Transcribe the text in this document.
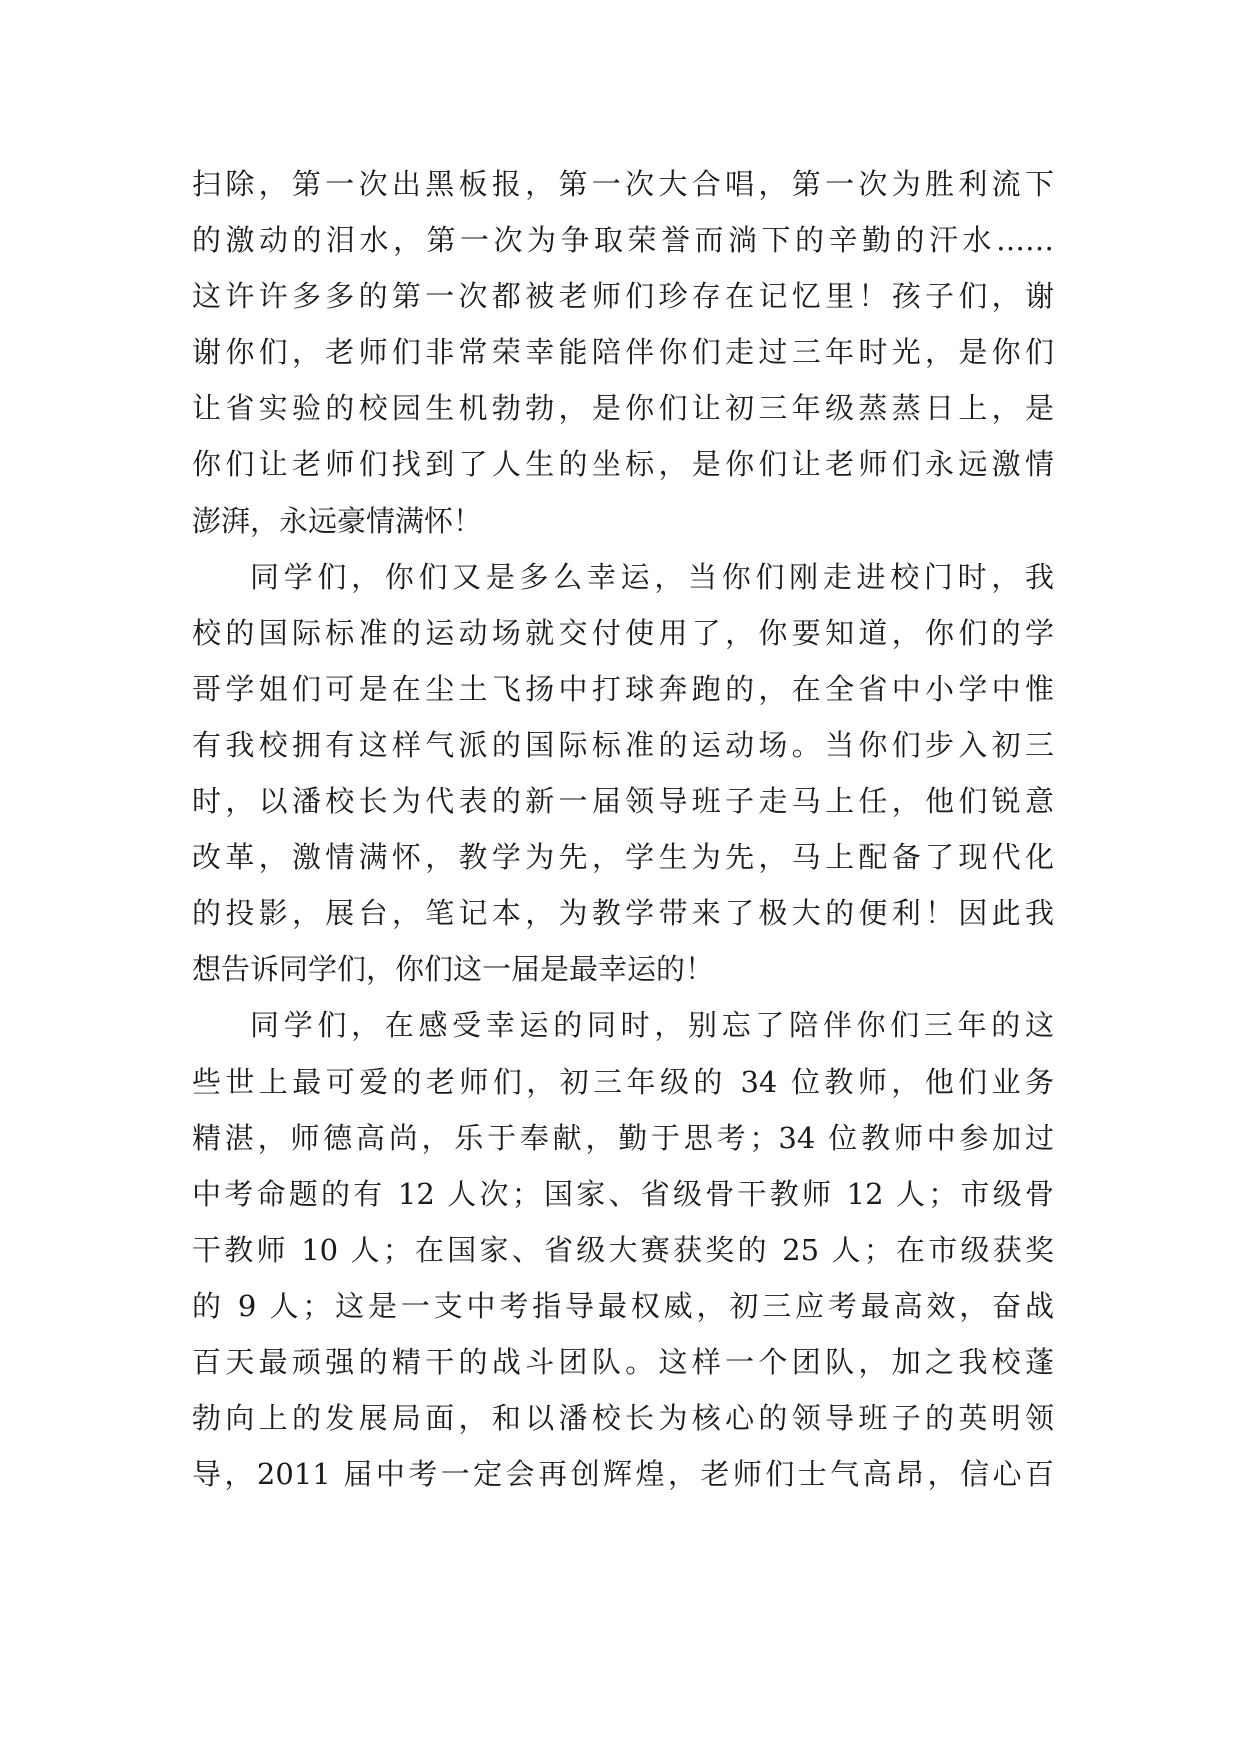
扫除，第一次出黑板报，第一次大合唱，第一次为胜利流下
的激动的泪水，第一次为争取荣誉而淌下的辛勤的汗水……
这许许多多的第一次都被老师们珍存在记忆里！孩子们，谢
谢你们，老师们非常荣幸能陪伴你们走过三年时光，是你们
让省实验的校园生机勃勃，是你们让初三年级蒸蒸日上，是
你们让老师们找到了人生的坐标，是你们让老师们永远激情
澎湃，永远豪情满怀！
同学们，你们又是多么幸运，当你们刚走进校门时，我
校的国际标准的运动场就交付使用了，你要知道，你们的学
哥学姐们可是在尘土飞扬中打球奔跑的，在全省中小学中惟
有我校拥有这样气派的国际标准的运动场。当你们步入初三
时，以潘校长为代表的新一届领导班子走马上任，他们锐意
改革，激情满怀，教学为先，学生为先，马上配备了现代化
的投影，展台，笔记本，为教学带来了极大的便利！因此我
想告诉同学们，你们这一届是最幸运的！
同学们，在感受幸运的同时，别忘了陪伴你们三年的这
些世上最可爱的老师们，初三年级的 34 位教师，他们业务
精湛，师德高尚，乐于奉献，勤于思考；34 位教师中参加过
中考命题的有 12 人次；国家、省级骨干教师 12 人；市级骨
干教师 10 人；在国家、省级大赛获奖的 25 人；在市级获奖
的 9 人；这是一支中考指导最权威，初三应考最高效，奋战
百天最顽强的精干的战斗团队。这样一个团队，加之我校蓬
勃向上的发展局面，和以潘校长为核心的领导班子的英明领
导，2011 届中考一定会再创辉煌，老师们士气高昂，信心百
